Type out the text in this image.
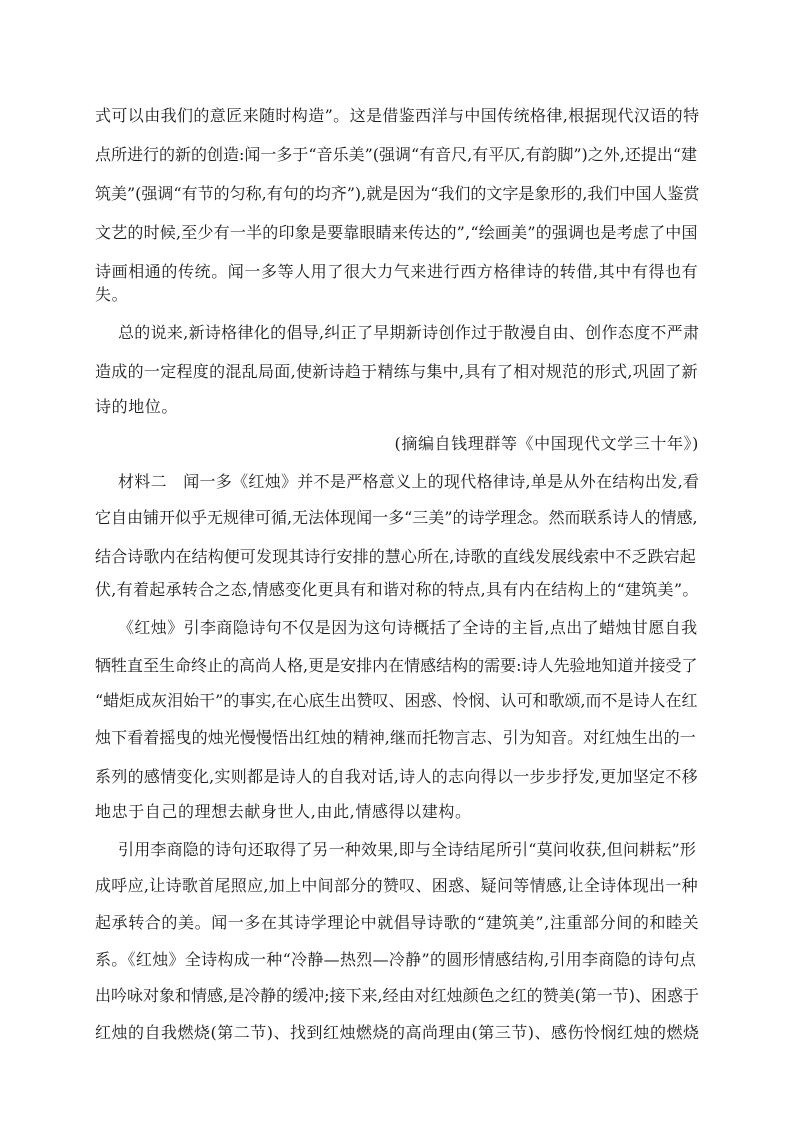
式可以由我们的意匠来随时构造”。这是借鉴西洋与中国传统格律,根据现代汉语的特

点所进行的新的创造:闻一多于“音乐美”(强调“有音尺,有平仄,有韵脚”)之外,还提出“建

筑美”(强调“有节的匀称,有句的均齐”),就是因为“我们的文字是象形的,我们中国人鉴赏

文艺的时候,至少有一半的印象是要靠眼睛来传达的”,“绘画美”的强调也是考虑了中国

诗画相通的传统。闻一多等人用了很大力气来进行西方格律诗的转借,其中有得也有

失。

总的说来,新诗格律化的倡导,纠正了早期新诗创作过于散漫自由、创作态度不严肃

造成的一定程度的混乱局面,使新诗趋于精练与集中,具有了相对规范的形式,巩固了新

诗的地位。

(摘编自钱理群等《中国现代文学三十年》)

材料二　闻一多《红烛》并不是严格意义上的现代格律诗,单是从外在结构出发,看

它自由铺开似乎无规律可循,无法体现闻一多“三美”的诗学理念。然而联系诗人的情感,

结合诗歌内在结构便可发现其诗行安排的慧心所在,诗歌的直线发展线索中不乏跌宕起

伏,有着起承转合之态,情感变化更具有和谐对称的特点,具有内在结构上的“建筑美”。

《红烛》引李商隐诗句不仅是因为这句诗概括了全诗的主旨,点出了蜡烛甘愿自我

牺牲直至生命终止的高尚人格,更是安排内在情感结构的需要:诗人先验地知道并接受了

“蜡炬成灰泪始干”的事实,在心底生出赞叹、困惑、怜悯、认可和歌颂,而不是诗人在红

烛下看着摇曳的烛光慢慢悟出红烛的精神,继而托物言志、引为知音。对红烛生出的一

系列的感情变化,实则都是诗人的自我对话,诗人的志向得以一步步抒发,更加坚定不移

地忠于自己的理想去献身世人,由此,情感得以建构。

引用李商隐的诗句还取得了另一种效果,即与全诗结尾所引“莫问收获,但问耕耘”形

成呼应,让诗歌首尾照应,加上中间部分的赞叹、困惑、疑问等情感,让全诗体现出一种

起承转合的美。闻一多在其诗学理论中就倡导诗歌的“建筑美”,注重部分间的和睦关

系。《红烛》全诗构成一种“冷静—热烈—冷静”的圆形情感结构,引用李商隐的诗句点

出吟咏对象和情感,是冷静的缓冲;接下来,经由对红烛颜色之红的赞美(第一节)、困惑于

红烛的自我燃烧(第二节)、找到红烛燃烧的高尚理由(第三节)、感伤怜悯红烛的燃烧
